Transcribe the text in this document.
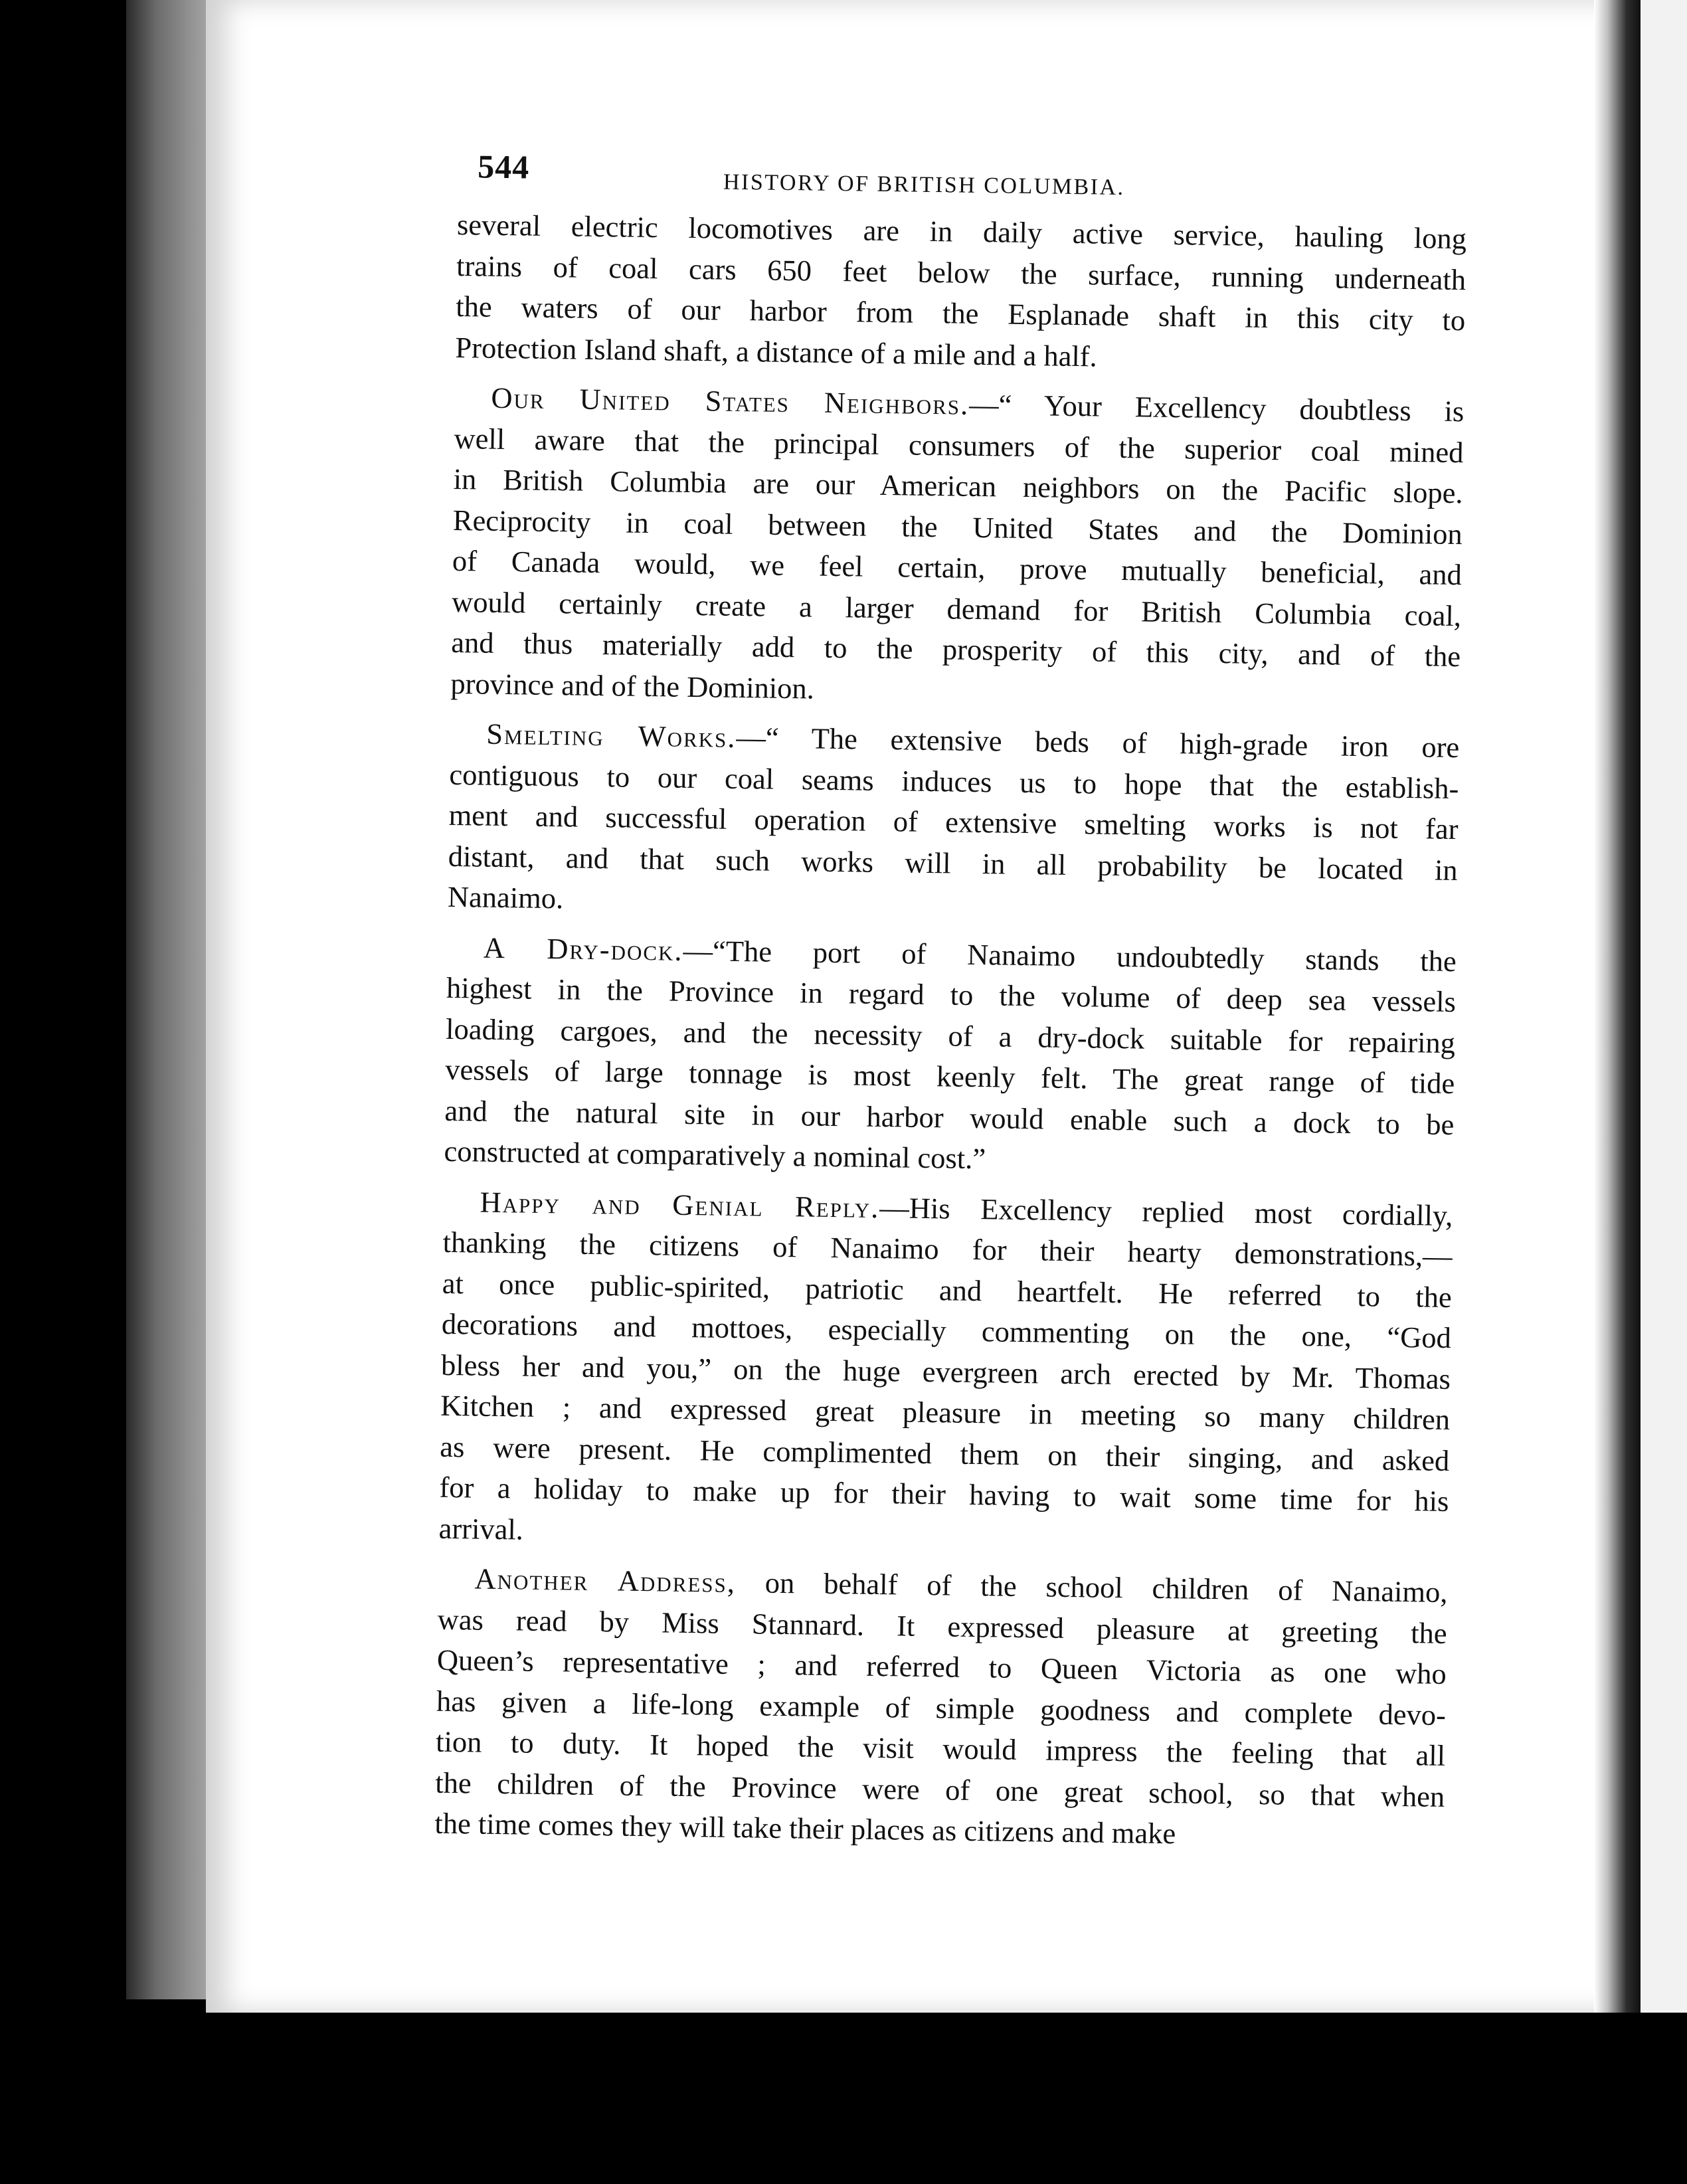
544	HISTORY OF BRITISH COLUMBIA.
several electric locomotives are in daily active service, hauling long
trains of coal cars 650 feet below the surface, running underneath
the waters of our harbor from the Esplanade shaft in this city to
Protection Island shaft, a distance of a mile and a half.
Our United States Neighbors.—“ Your Excellency doubtless is
well aware that the principal consumers of the superior coal mined
in British Columbia are our American neighbors on the Pacific slope.
Reciprocity in coal between the United States and the Dominion
of Canada would, we feel certain, prove mutually beneficial, and
would certainly create a larger demand for British Columbia coal,
and thus materially add to the prosperity of this city, and of the
province and of the Dominion.
Smelting Works.—“ The extensive beds of high-grade iron ore
contiguous to our coal seams induces us to hope that the establish-
ment and successful operation of extensive smelting works is not far
distant, and that such works will in all probability be located in
Nanaimo.
A Dry-dock.—“The port of Nanaimo undoubtedly stands the
highest in the Province in regard to the volume of deep sea vessels
loading cargoes, and the necessity of a dry-dock suitable for repairing
vessels of large tonnage is most keenly felt. The great range of tide
and the natural site in our harbor would enable such a dock to be
constructed at comparatively a nominal cost.”
Happy and Genial Reply.—His Excellency replied most cordially,
thanking the citizens of Nanaimo for their hearty demonstrations,—
at once public-spirited, patriotic and heartfelt. He referred to the
decorations and mottoes, especially commenting on the one, “God
bless her and you,” on the huge evergreen arch erected by Mr. Thomas
Kitchen ; and expressed great pleasure in meeting so many children
as were present. He complimented them on their singing, and asked
for a holiday to make up for their having to wait some time for his
arrival.
Another Address, on behalf of the school children of Nanaimo,
was read by Miss Stannard. It expressed pleasure at greeting the
Queen’s representative ; and referred to Queen Victoria as one who
has given a life-long example of simple goodness and complete devo-
tion to duty. It hoped the visit would impress the feeling that all
the children of the Province were of one great school, so that when
the time comes they will take their places as citizens and make
